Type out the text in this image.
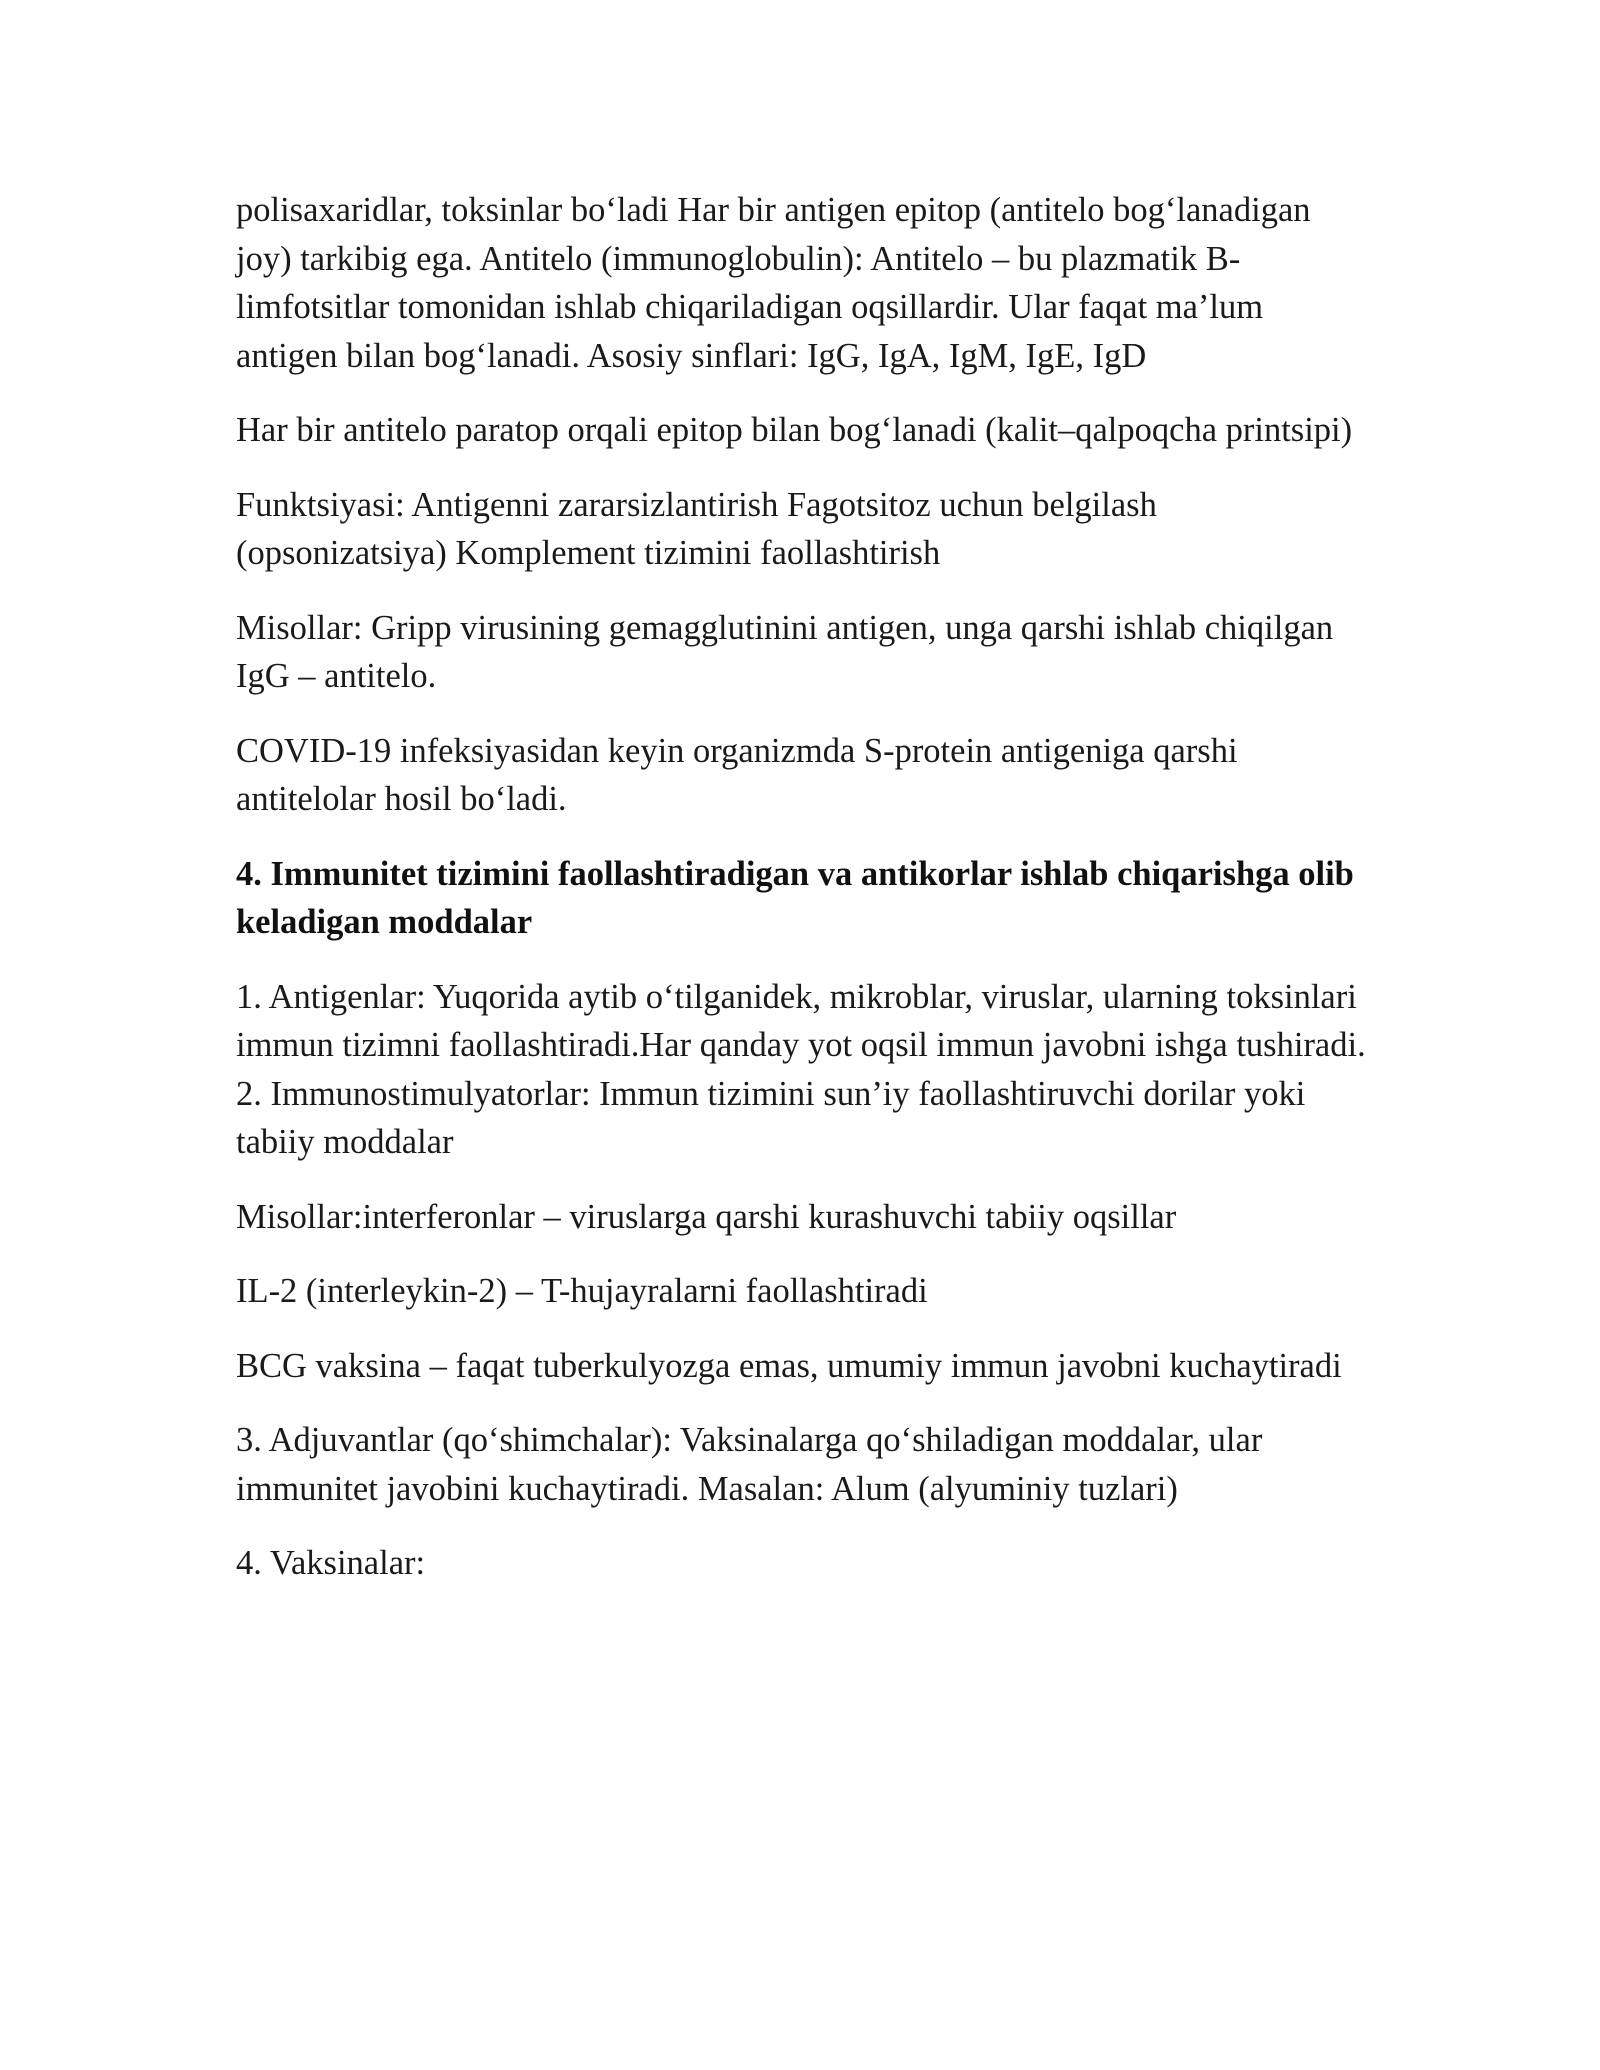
polisaxaridlar, toksinlar bo‘ladi Har bir antigen epitop (antitelo bog‘lanadigan joy) tarkibig ega. Antitelo (immunoglobulin): Antitelo – bu plazmatik B-limfotsitlar tomonidan ishlab chiqariladigan oqsillardir. Ular faqat ma’lum antigen bilan bog‘lanadi. Asosiy sinflari: IgG, IgA, IgM, IgE, IgD

Har bir antitelo paratop orqali epitop bilan bog‘lanadi (kalit–qalpoqcha printsipi)

Funktsiyasi: Antigenni zararsizlantirish Fagotsitoz uchun belgilash (opsonizatsiya) Komplement tizimini faollashtirish

Misollar: Gripp virusining gemagglutinini antigen, unga qarshi ishlab chiqilgan IgG – antitelo.

COVID-19 infeksiyasidan keyin organizmda S-protein antigeniga qarshi antitelolar hosil bo‘ladi.

4. Immunitet tizimini faollashtiradigan va antikorlar ishlab chiqarishga olib keladigan moddalar

1. Antigenlar: Yuqorida aytib o‘tilganidek, mikroblar, viruslar, ularning toksinlari immun tizimni faollashtiradi.Har qanday yot oqsil immun javobni ishga tushiradi. 2. Immunostimulyatorlar: Immun tizimini sun’iy faollashtiruvchi dorilar yoki tabiiy moddalar

Misollar:interferonlar – viruslarga qarshi kurashuvchi tabiiy oqsillar

IL-2 (interleykin-2) – T-hujayralarni faollashtiradi

BCG vaksina – faqat tuberkulyozga emas, umumiy immun javobni kuchaytiradi

3. Adjuvantlar (qo‘shimchalar): Vaksinalarga qo‘shiladigan moddalar, ular immunitet javobini kuchaytiradi. Masalan: Alum (alyuminiy tuzlari)

4. Vaksinalar:
